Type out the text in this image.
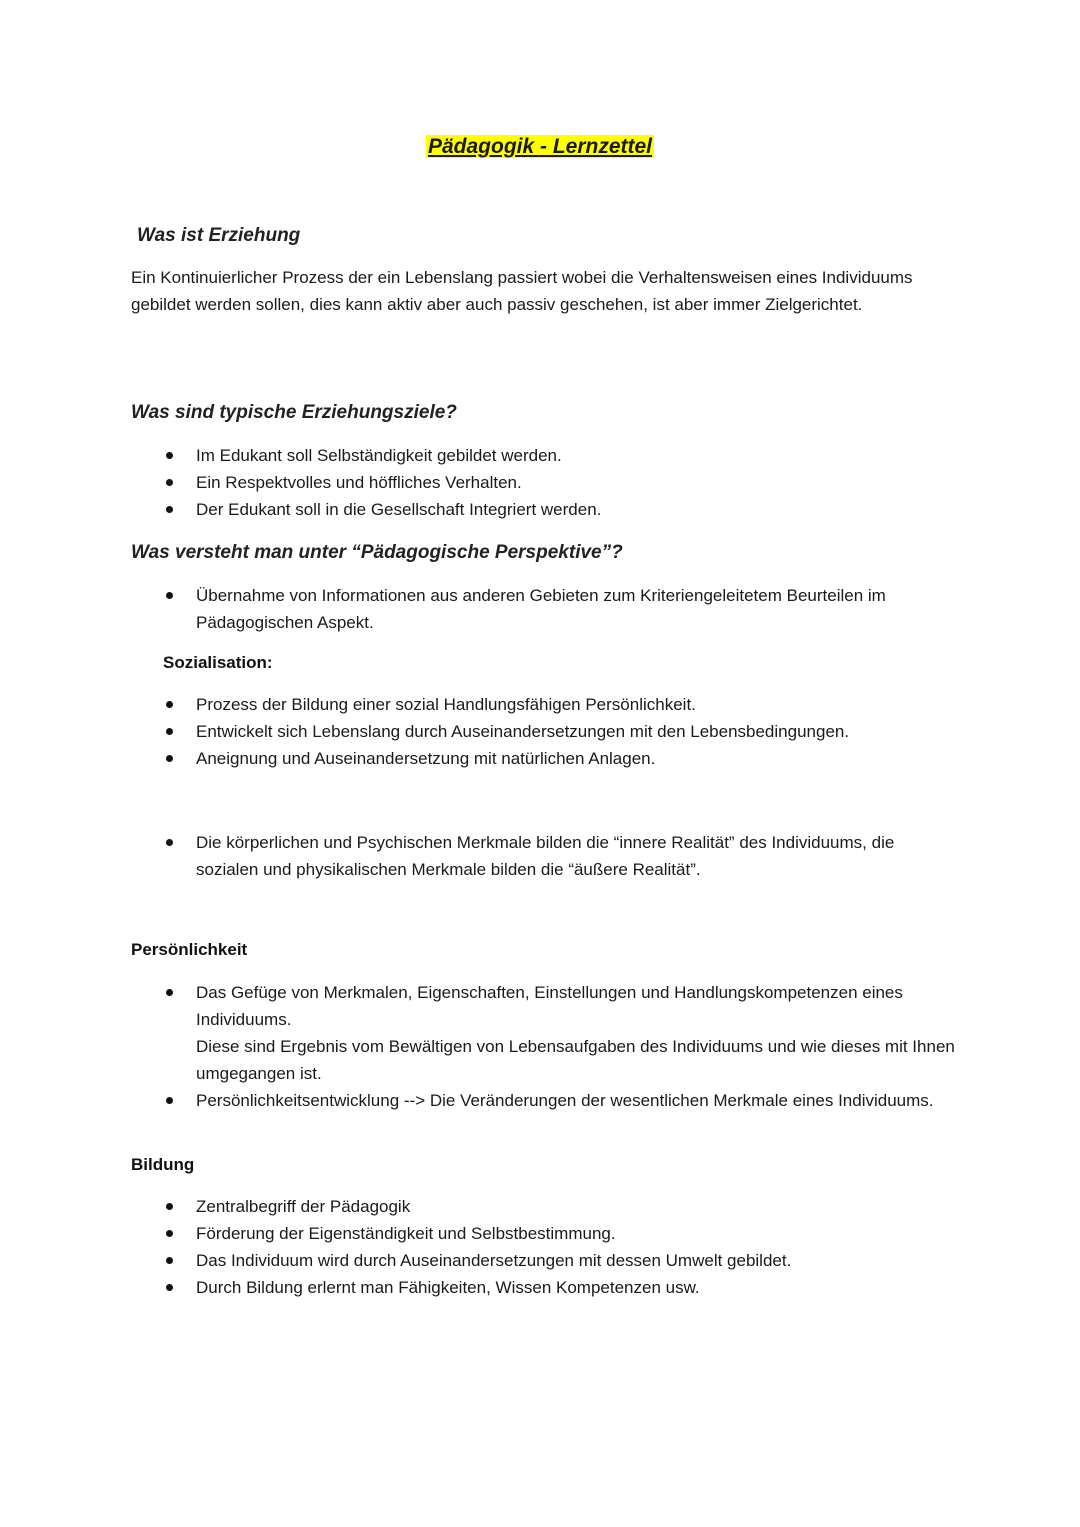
Pädagogik - Lernzettel
Was ist Erziehung

Ein Kontinuierlicher Prozess der ein Lebenslang passiert wobei die Verhaltensweisen eines Individuums gebildet werden sollen, dies kann aktiv aber auch passiv geschehen, ist aber immer Zielgerichtet.

Was sind typische Erziehungsziele?
Im Edukant soll Selbständigkeit gebildet werden.
Ein Respektvolles und höffliches Verhalten.
Der Edukant soll in die Gesellschaft Integriert werden.
Was versteht man unter “Pädagogische Perspektive”?
Übernahme von Informationen aus anderen Gebieten zum Kriteriengeleitetem Beurteilen im Pädagogischen Aspekt.
Sozialisation:
Prozess der Bildung einer sozial Handlungsfähigen Persönlichkeit.
Entwickelt sich Lebenslang durch Auseinandersetzungen mit den Lebensbedingungen.
Aneignung und Auseinandersetzung mit natürlichen Anlagen.
Die körperlichen und Psychischen Merkmale bilden die “innere Realität” des Individuums, die sozialen und physikalischen Merkmale bilden die “äußere Realität”.
Persönlichkeit
Das Gefüge von Merkmalen, Eigenschaften, Einstellungen und Handlungskompetenzen eines Individuums.
Diese sind Ergebnis vom Bewältigen von Lebensaufgaben des Individuums und wie dieses mit Ihnen umgegangen ist.
Persönlichkeitsentwicklung --> Die Veränderungen der wesentlichen Merkmale eines Individuums.
Bildung
Zentralbegriff der Pädagogik
Förderung der Eigenständigkeit und Selbstbestimmung.
Das Individuum wird durch Auseinandersetzungen mit dessen Umwelt gebildet.
Durch Bildung erlernt man Fähigkeiten, Wissen Kompetenzen usw.
